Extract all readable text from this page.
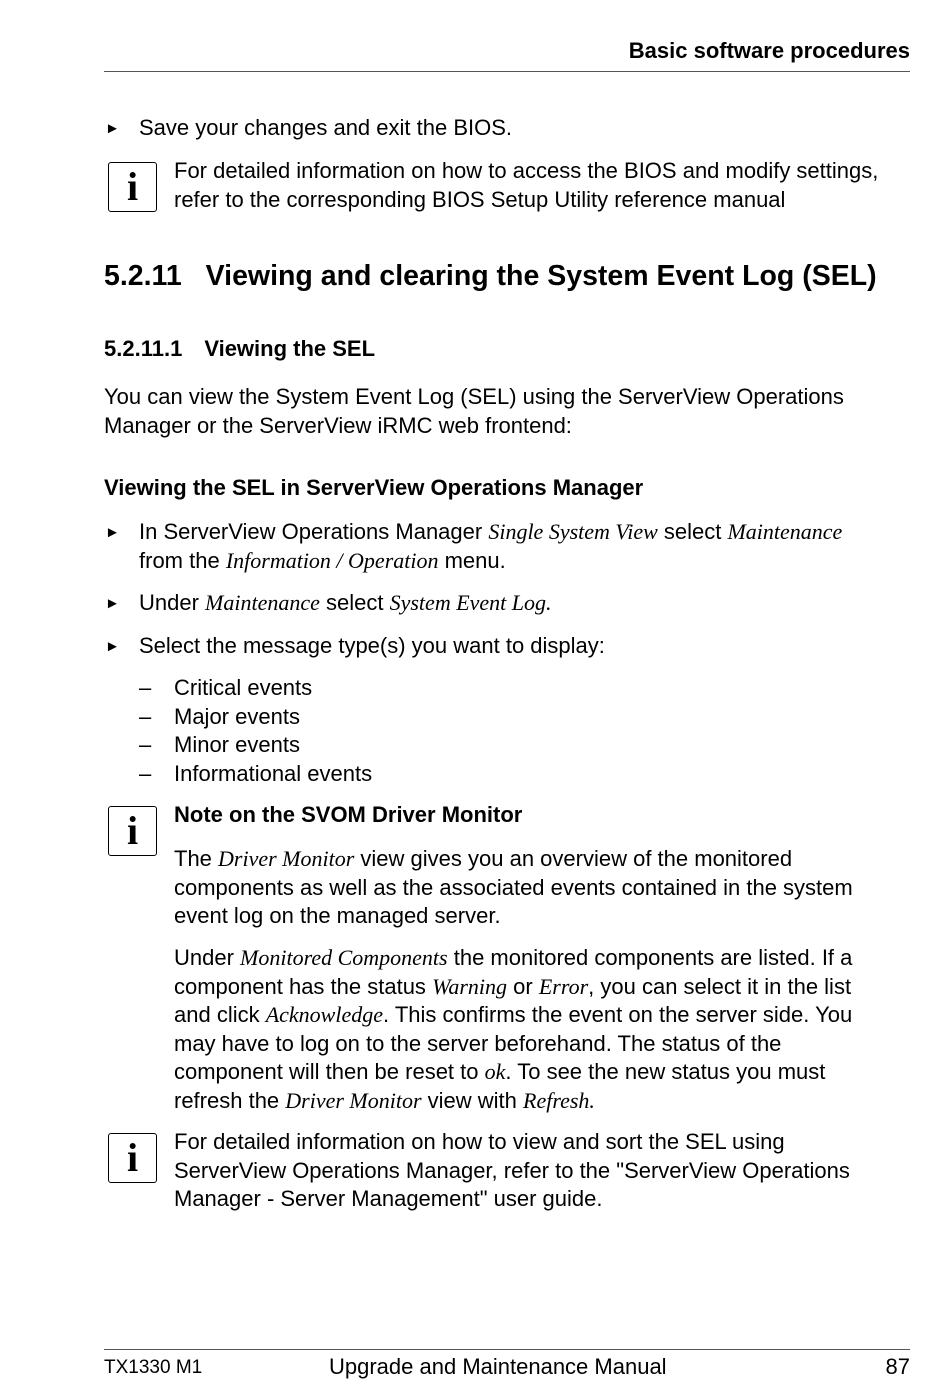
Basic software procedures
► Save your changes and exit the BIOS.
i	For detailed information on how to access the BIOS and modify settings,
refer to the corresponding BIOS Setup Utility reference manual
5.2.11 Viewing and clearing the System Event Log (SEL)
5.2.11.1 Viewing the SEL
You can view the System Event Log (SEL) using the ServerView Operations
Manager or the ServerView iRMC web frontend:
Viewing the SEL in ServerView Operations Manager
► In ServerView Operations Manager Single System View select Maintenance
from the Information / Operation menu.
► Under Maintenance select System Event Log.
► Select the message type(s) you want to display:
– Critical events
– Major events
– Minor events
– Informational events
i	Note on the SVOM Driver Monitor
The Driver Monitor view gives you an overview of the monitored
components as well as the associated events contained in the system
event log on the managed server.
Under Monitored Components the monitored components are listed. If a
component has the status Warning or Error, you can select it in the list
and click Acknowledge. This confirms the event on the server side. You
may have to log on to the server beforehand. The status of the
component will then be reset to ok. To see the new status you must
refresh the Driver Monitor view with Refresh.
i	For detailed information on how to view and sort the SEL using
ServerView Operations Manager, refer to the "ServerView Operations
Manager - Server Management" user guide.
TX1330 M1	Upgrade and Maintenance Manual	87
